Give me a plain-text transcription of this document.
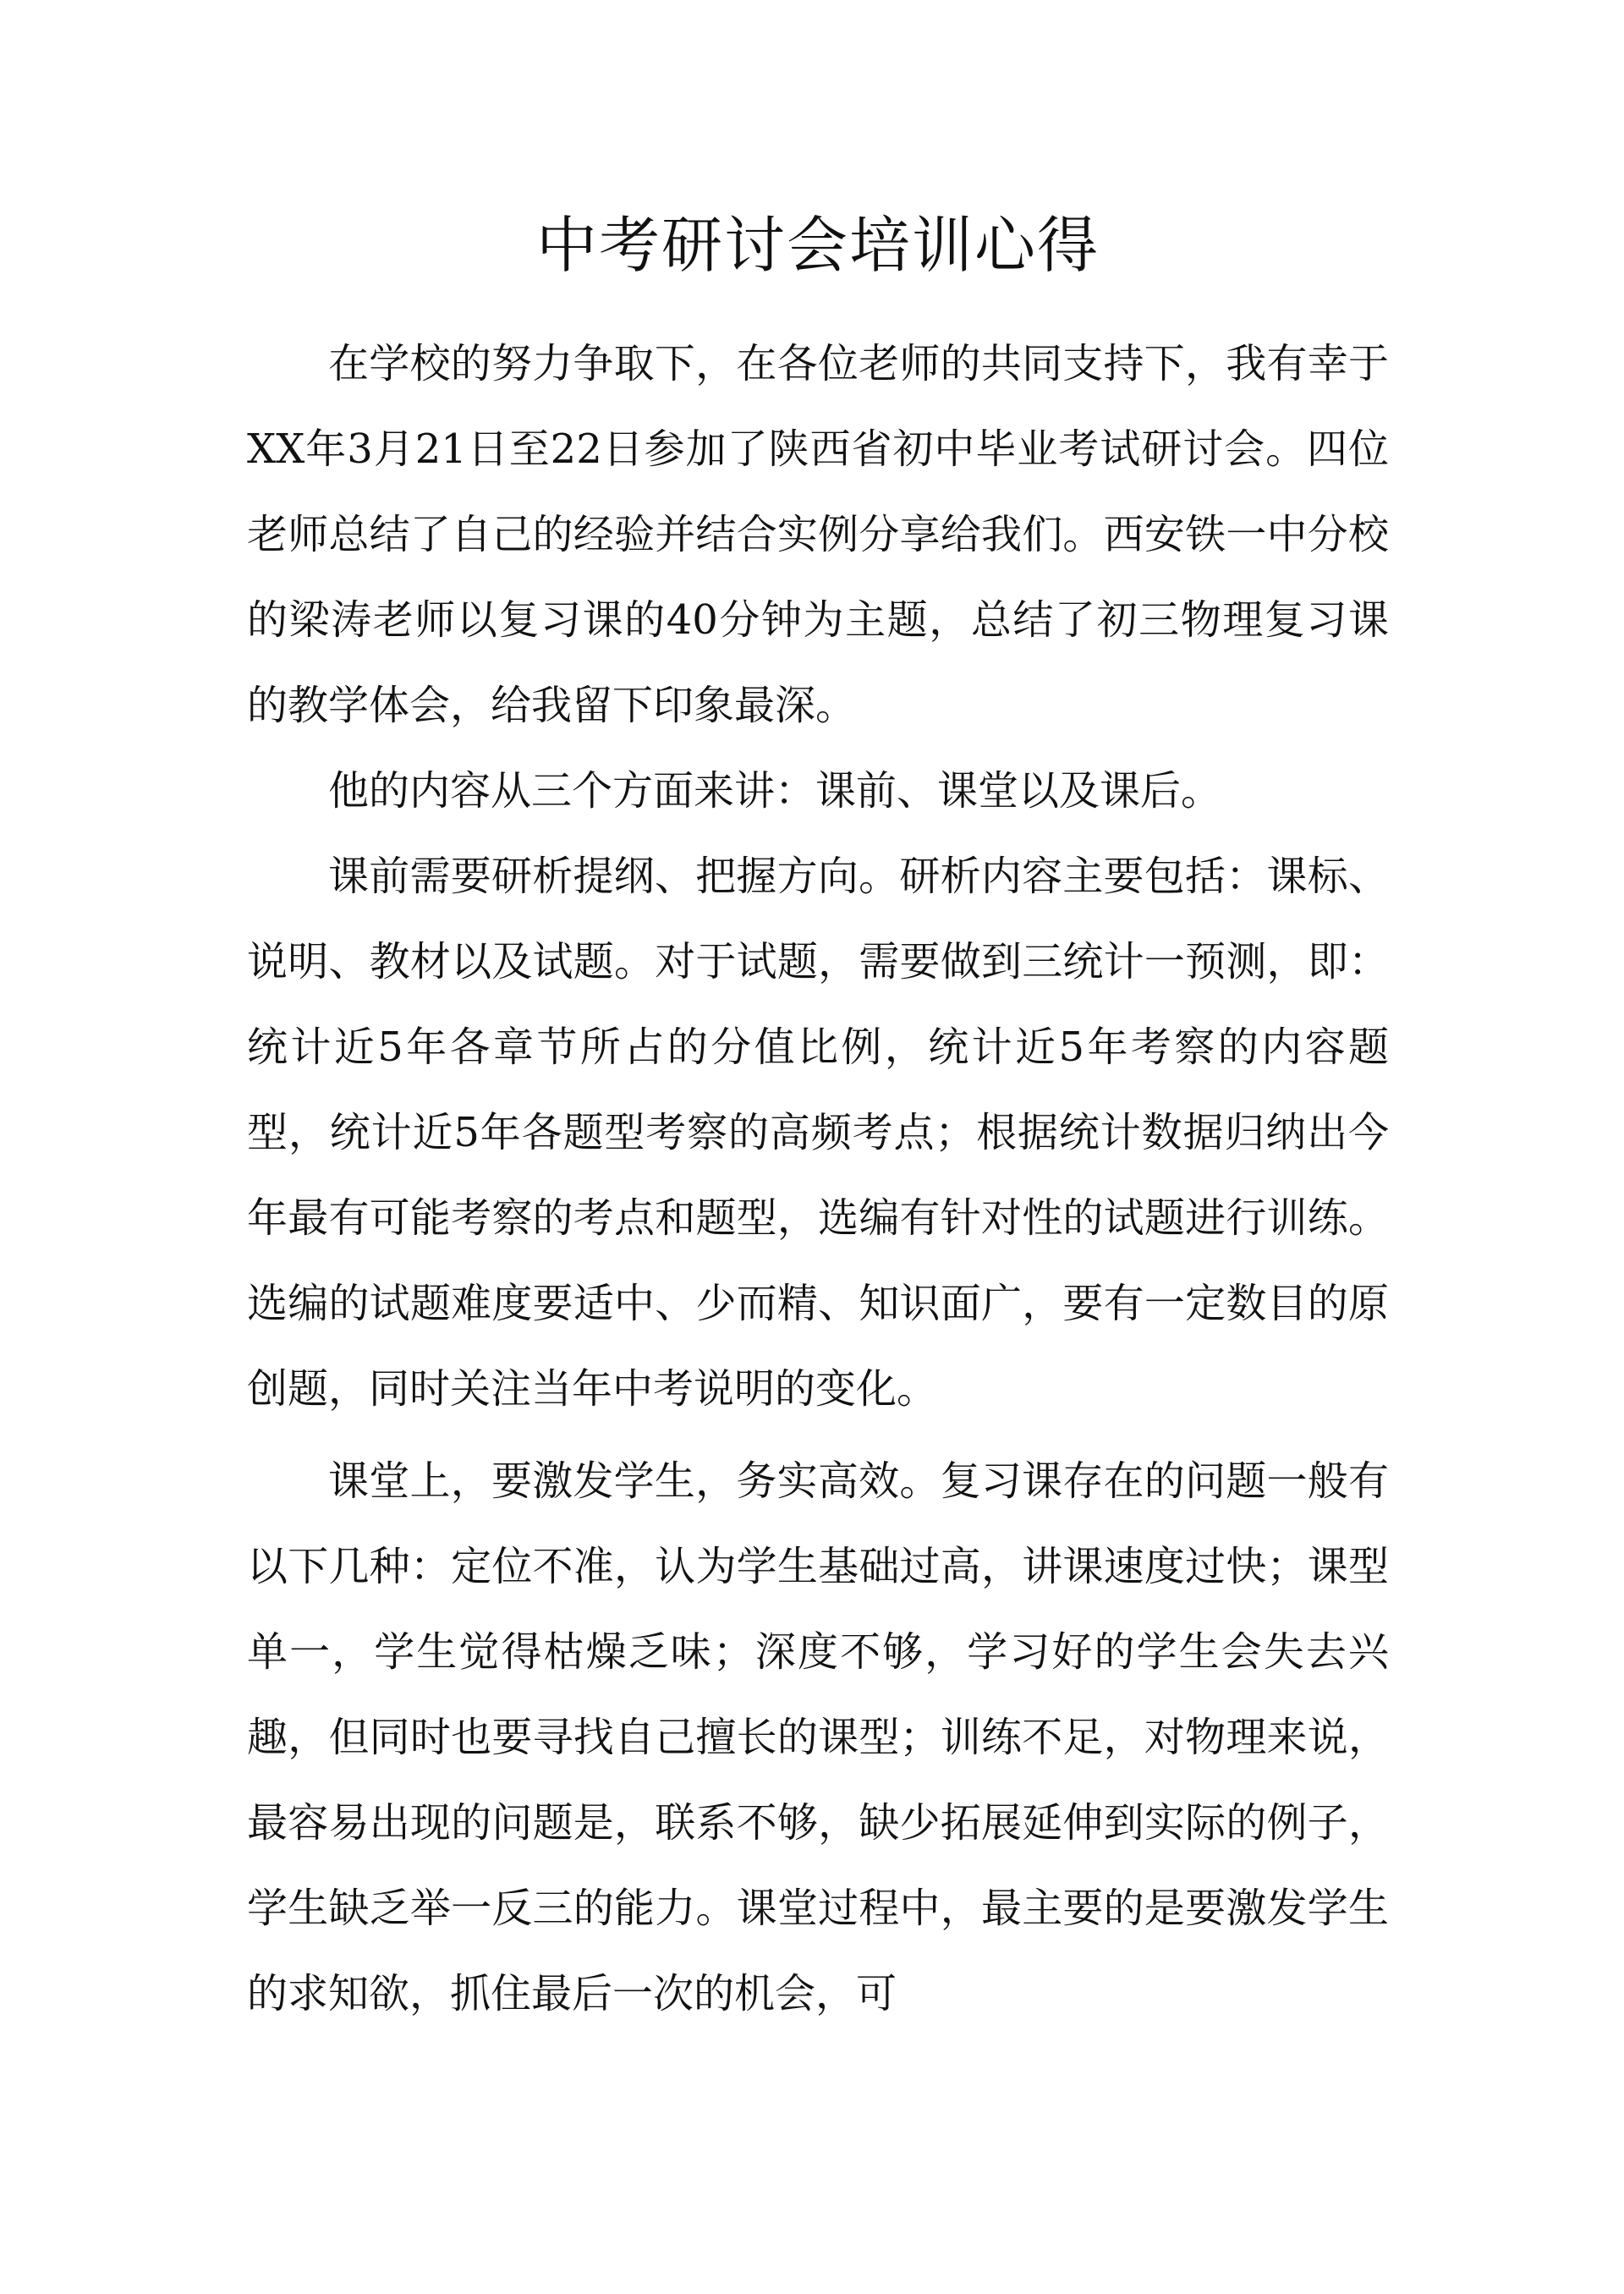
中考研讨会培训心得

在学校的努力争取下，在各位老师的共同支持下，我有幸于XX年3月21日至22日参加了陕西省初中毕业考试研讨会。四位老师总结了自己的经验并结合实例分享给我们。西安铁一中分校的梁涛老师以复习课的40分钟为主题，总结了初三物理复习课的教学体会，给我留下印象最深。

他的内容从三个方面来讲：课前、课堂以及课后。

课前需要研析提纲、把握方向。研析内容主要包括：课标、说明、教材以及试题。对于试题，需要做到三统计一预测，即：统计近5年各章节所占的分值比例，统计近5年考察的内容题型，统计近5年各题型考察的高频考点；根据统计数据归纳出今年最有可能考察的考点和题型，选编有针对性的试题进行训练。选编的试题难度要适中、少而精、知识面广，要有一定数目的原创题，同时关注当年中考说明的变化。

课堂上，要激发学生，务实高效。复习课存在的问题一般有以下几种：定位不准，认为学生基础过高，讲课速度过快；课型单一，学生觉得枯燥乏味；深度不够，学习好的学生会失去兴趣，但同时也要寻找自己擅长的课型；训练不足，对物理来说，最容易出现的问题是，联系不够，缺少拓展延伸到实际的例子，学生缺乏举一反三的能力。课堂过程中，最主要的是要激发学生的求知欲，抓住最后一次的机会，可
